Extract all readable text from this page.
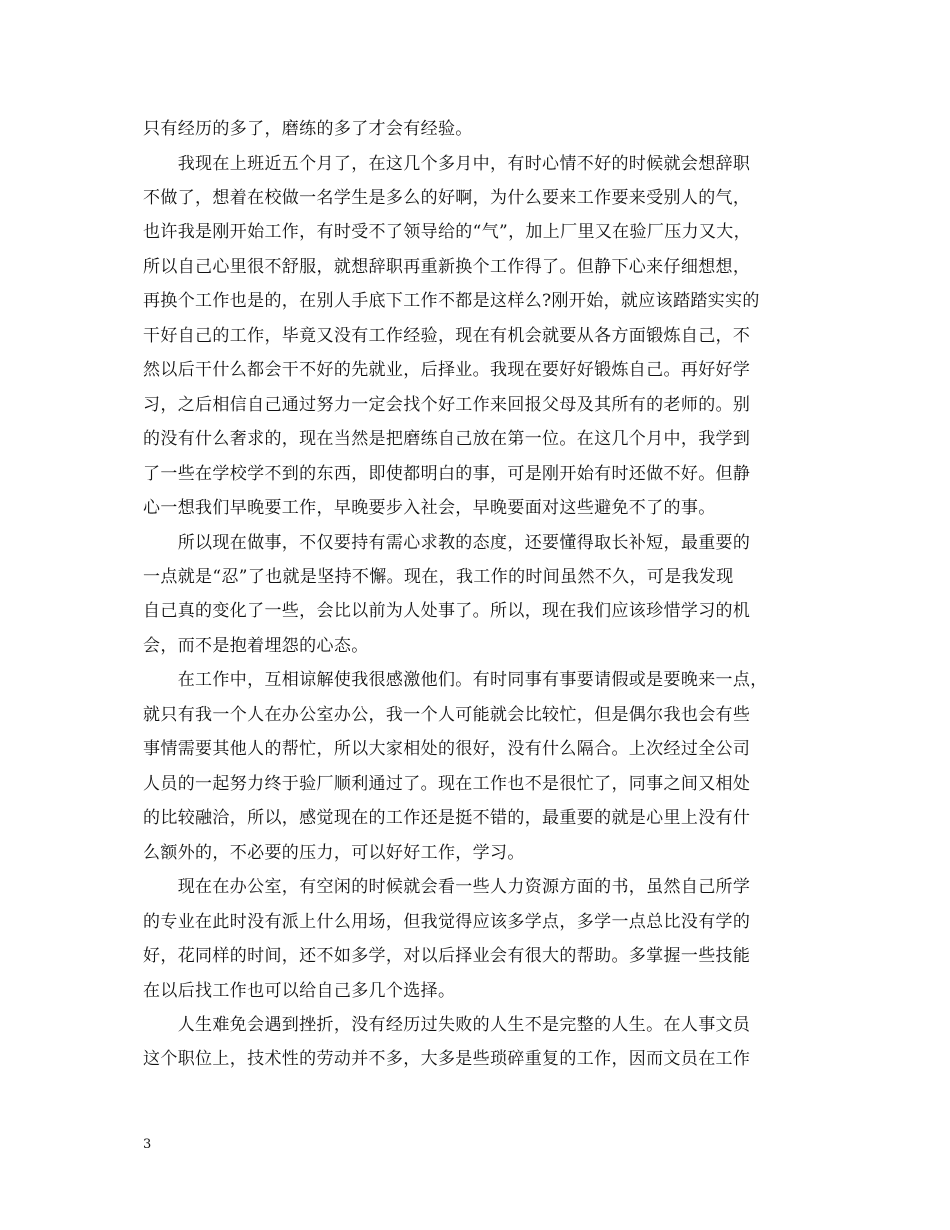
只有经历的多了，磨练的多了才会有经验。
　　我现在上班近五个月了，在这几个多月中，有时心情不好的时候就会想辞职
不做了，想着在校做一名学生是多么的好啊，为什么要来工作要来受别人的气，
也许我是刚开始工作，有时受不了领导给的“气”，加上厂里又在验厂压力又大，
所以自己心里很不舒服，就想辞职再重新换个工作得了。但静下心来仔细想想，
再换个工作也是的，在别人手底下工作不都是这样么?刚开始，就应该踏踏实实的
干好自己的工作，毕竟又没有工作经验，现在有机会就要从各方面锻炼自己，不
然以后干什么都会干不好的先就业，后择业。我现在要好好锻炼自己。再好好学
习，之后相信自己通过努力一定会找个好工作来回报父母及其所有的老师的。别
的没有什么奢求的，现在当然是把磨练自己放在第一位。在这几个月中，我学到
了一些在学校学不到的东西，即使都明白的事，可是刚开始有时还做不好。但静
心一想我们早晚要工作，早晚要步入社会，早晚要面对这些避免不了的事。
　　所以现在做事，不仅要持有需心求教的态度，还要懂得取长补短，最重要的
一点就是“忍”了也就是坚持不懈。现在，我工作的时间虽然不久，可是我发现
自己真的变化了一些，会比以前为人处事了。所以，现在我们应该珍惜学习的机
会，而不是抱着埋怨的心态。
　　在工作中，互相谅解使我很感激他们。有时同事有事要请假或是要晚来一点，
就只有我一个人在办公室办公，我一个人可能就会比较忙，但是偶尔我也会有些
事情需要其他人的帮忙，所以大家相处的很好，没有什么隔合。上次经过全公司
人员的一起努力终于验厂顺利通过了。现在工作也不是很忙了，同事之间又相处
的比较融洽，所以，感觉现在的工作还是挺不错的，最重要的就是心里上没有什
么额外的，不必要的压力，可以好好工作，学习。
　　现在在办公室，有空闲的时候就会看一些人力资源方面的书，虽然自己所学
的专业在此时没有派上什么用场，但我觉得应该多学点，多学一点总比没有学的
好，花同样的时间，还不如多学，对以后择业会有很大的帮助。多掌握一些技能
在以后找工作也可以给自己多几个选择。
　　人生难免会遇到挫折，没有经历过失败的人生不是完整的人生。在人事文员
这个职位上，技术性的劳动并不多，大多是些琐碎重复的工作，因而文员在工作
3
